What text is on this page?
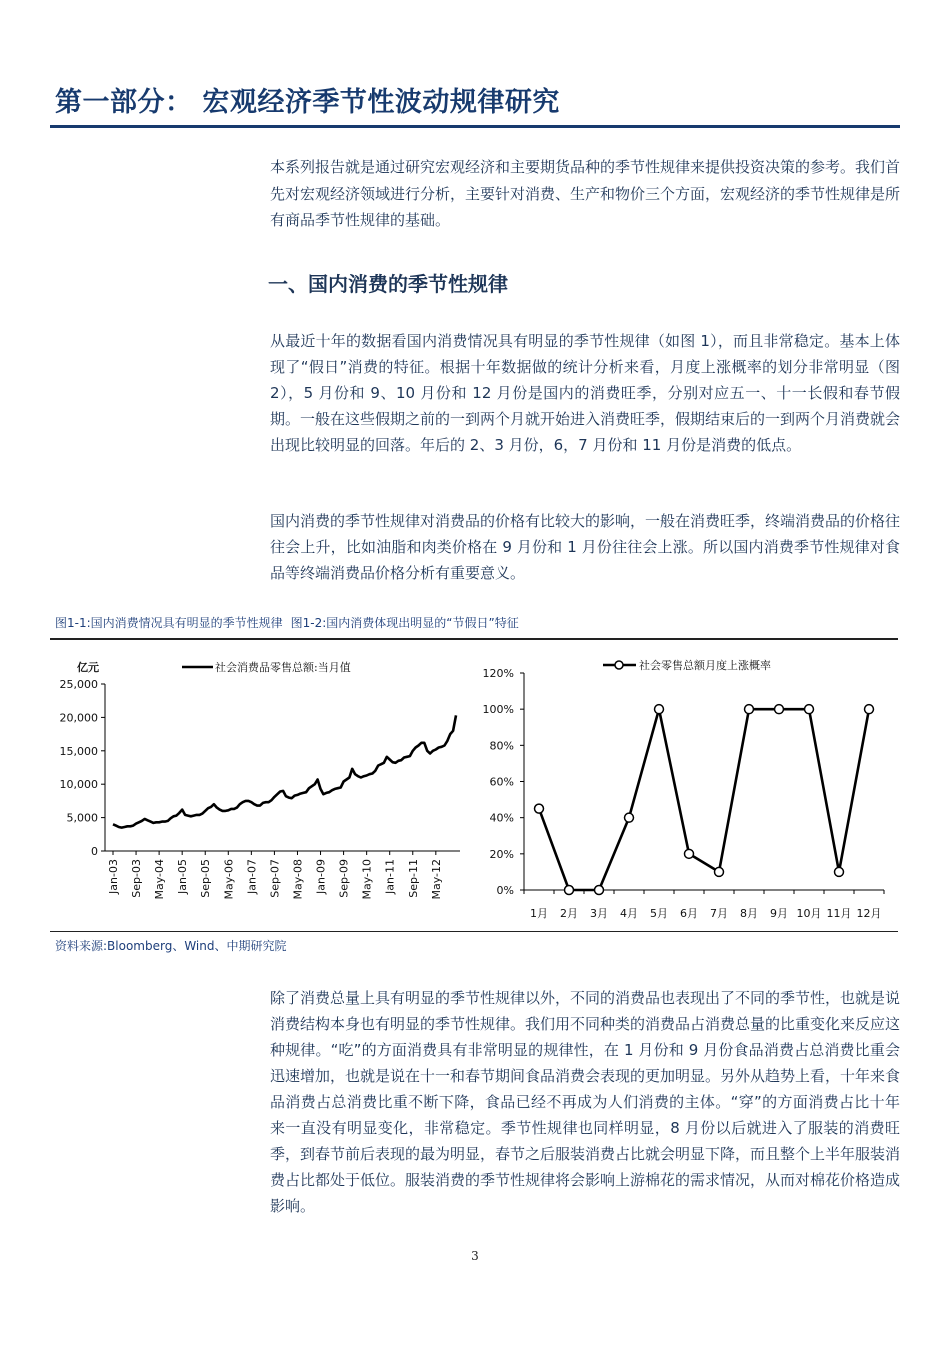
第一部分： 宏观经济季节性波动规律研究

本系列报告就是通过研究宏观经济和主要期货品种的季节性规律来提供投资决策的参考。我们首先对宏观经济领域进行分析，主要针对消费、生产和物价三个方面，宏观经济的季节性规律是所有商品季节性规律的基础。

一、国内消费的季节性规律

从最近十年的数据看国内消费情况具有明显的季节性规律（如图 1），而且非常稳定。基本上体现了“假日”消费的特征。根据十年数据做的统计分析来看，月度上涨概率的划分非常明显（图 2），5 月份和 9、10 月份和 12 月份是国内的消费旺季，分别对应五一、十一长假和春节假期。一般在这些假期之前的一到两个月就开始进入消费旺季，假期结束后的一到两个月消费就会出现比较明显的回落。年后的 2、3 月份，6，7 月份和 11 月份是消费的低点。

国内消费的季节性规律对消费品的价格有比较大的影响，一般在消费旺季，终端消费品的价格往往会上升，比如油脂和肉类价格在 9 月份和 1 月份往往会上涨。所以国内消费季节性规律对食品等终端消费品价格分析有重要意义。

图1-1:国内消费情况具有明显的季节性规律 图1-2:国内消费体现出明显的“节假日”特征

亿元	社会消费品零售总额:当月值
0
5,000
10,000
15,000
20,000
25,000
Jan-03 Sep-03 May-04 Jan-05 Sep-05 May-06 Jan-07 Sep-07 May-08 Jan-09 Sep-09 May-10 Jan-11 Sep-11 May-12
社会零售总额月度上涨概率
0%
20%
40%
60%
80%
100%
120%
1月 2月 3月 4月 5月 6月 7月 8月 9月 10月 11月 12月

资料来源:Bloomberg、Wind、中期研究院

除了消费总量上具有明显的季节性规律以外，不同的消费品也表现出了不同的季节性，也就是说消费结构本身也有明显的季节性规律。我们用不同种类的消费品占消费总量的比重变化来反应这种规律。“吃”的方面消费具有非常明显的规律性，在 1 月份和 9 月份食品消费占总消费比重会迅速增加，也就是说在十一和春节期间食品消费会表现的更加明显。另外从趋势上看，十年来食品消费占总消费比重不断下降，食品已经不再成为人们消费的主体。“穿”的方面消费占比十年来一直没有明显变化，非常稳定。季节性规律也同样明显，8 月份以后就进入了服装的消费旺季，到春节前后表现的最为明显，春节之后服装消费占比就会明显下降，而且整个上半年服装消费占比都处于低位。服装消费的季节性规律将会影响上游棉花的需求情况，从而对棉花价格造成影响。

3
